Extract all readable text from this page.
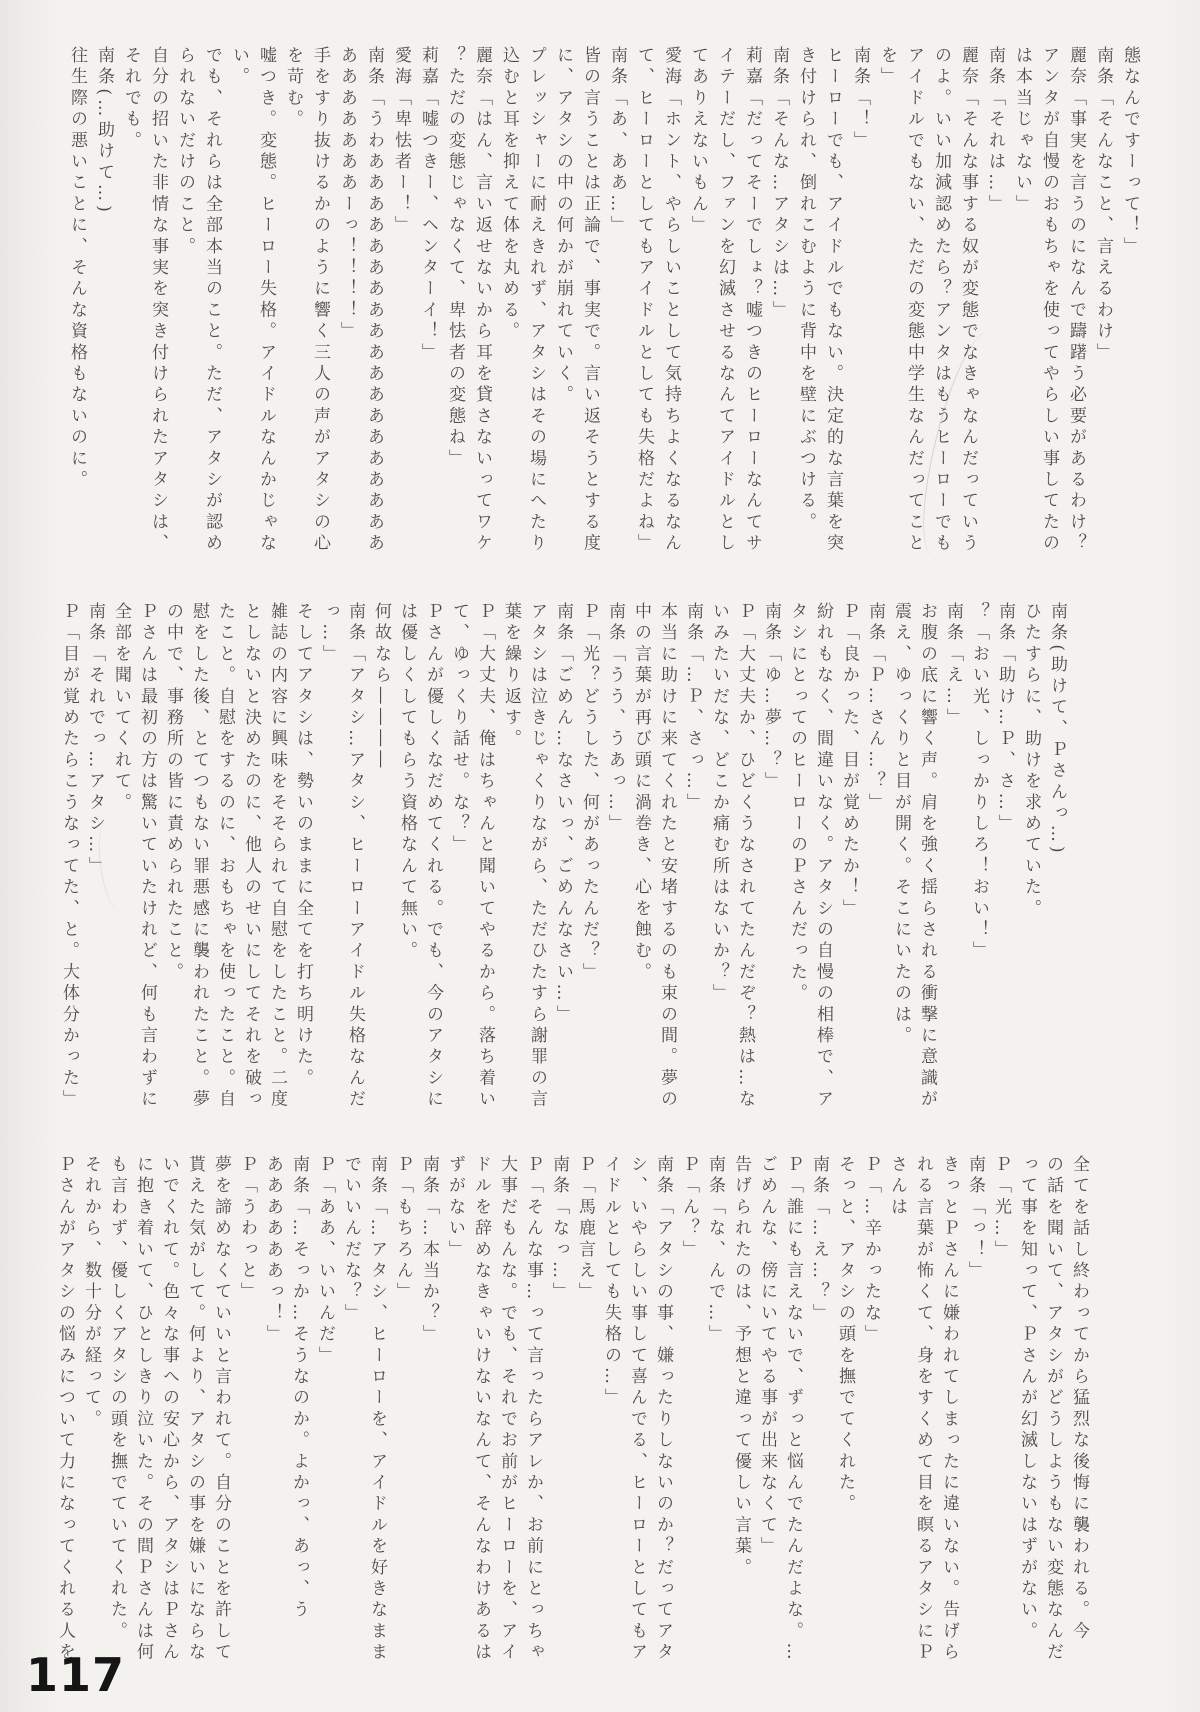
態なんですーって！」

南条「そんなこと、言えるわけ」

麗奈「事実を言うのになんで躊躇う必要があるわけ？

アンタが自慢のおもちゃを使ってやらしい事してたの

は本当じゃない」

南条「それは…」

麗奈「そんな事する奴が変態でなきゃなんだっていう

のよ。いい加減認めたら？アンタはもうヒーローでも

アイドルでもない、ただの変態中学生なんだってこと

を」

南条「！」

ヒーローでも、アイドルでもない。決定的な言葉を突

き付けられ、倒れこむように背中を壁にぶつける。

南条「そんな…アタシは…」

莉嘉「だってそーでしょ？嘘つきのヒーローなんてサ

イテーだし、ファンを幻滅させるなんてアイドルとし

てありえないもん」

愛海「ホント、やらしいことして気持ちよくなるなん

て、ヒーローとしてもアイドルとしても失格だよね」

南条「あ、ああ…」

皆の言うことは正論で、事実で。言い返そうとする度

に、アタシの中の何かが崩れていく。

プレッシャーに耐えきれず、アタシはその場にへたり

込むと耳を抑えて体を丸める。

麗奈「はん、言い返せないから耳を貸さないってワケ

？ただの変態じゃなくて、卑怯者の変態ね」

莉嘉「嘘つきー、ヘンターイ！」

愛海「卑怯者ー！」

南条「うわあああああああああああああああああああ

あああああああーっ！！！！」

手をすり抜けるかのように響く三人の声がアタシの心

を苛む。

嘘つき。変態。ヒーロー失格。アイドルなんかじゃな

い。

でも、それらは全部本当のこと。ただ、アタシが認め

られないだけのこと。

自分の招いた非情な事実を突き付けられたアタシは、

それでも。

南条(…助けて…)

往生際の悪いことに、そんな資格もないのに。

南条(助けて、Ｐさんっ…)

ひたすらに、助けを求めていた。

南条「助け…Ｐ、さ…」

？「おい光、しっかりしろ！おい！」

南条「え…」

お腹の底に響く声。肩を強く揺らされる衝撃に意識が

震え、ゆっくりと目が開く。そこにいたのは。

南条「Ｐ…さん…？」

Ｐ「良かった、目が覚めたか！」

紛れもなく、間違いなく。アタシの自慢の相棒で、ア

タシにとってのヒーローのＰさんだった。

南条「ゆ…夢…？」

Ｐ「大丈夫か、ひどくうなされてたんだぞ？熱は…な

いみたいだな、どこか痛む所はないか？」

南条「…Ｐ、さっ…」

本当に助けに来てくれたと安堵するのも束の間。夢の

中の言葉が再び頭に渦巻き、心を蝕む。

南条「うう、うあっ…」

Ｐ「光？どうした、何があったんだ？」

南条「ごめん…なさいっ、ごめんなさい…」

アタシは泣きじゃくりながら、ただひたすら謝罪の言

葉を繰り返す。

Ｐ「大丈夫、俺はちゃんと聞いてやるから。落ち着い

て、ゆっくり話せ。な？」

Ｐさんが優しくなだめてくれる。でも、今のアタシに

は優しくしてもらう資格なんて無い。

何故なら――――

南条「アタシ…アタシ、ヒーローアイドル失格なんだ

っ…」

そしてアタシは、勢いのままに全てを打ち明けた。

雑誌の内容に興味をそそられて自慰をしたこと。二度

としないと決めたのに、他人のせいにしてそれを破っ

たこと。自慰をするのに、おもちゃを使ったこと。自

慰をした後、とてつもない罪悪感に襲われたこと。夢

の中で、事務所の皆に責められたこと。

Ｐさんは最初の方は驚いていたけれど、何も言わずに

全部を聞いてくれて。

南条「それでっ…アタシ…」

Ｐ「目が覚めたらこうなってた、と。大体分かった」

全てを話し終わってから猛烈な後悔に襲われる。今

の話を聞いて、アタシがどうしようもない変態なんだ

って事を知って、Ｐさんが幻滅しないはずがない。

Ｐ「光…」

南条「っ！」

きっとＰさんに嫌われてしまったに違いない。告げら

れる言葉が怖くて、身をすくめて目を瞑るアタシにＰ

さんは

Ｐ「…辛かったな」

そっと、アタシの頭を撫でてくれた。

南条「…え…？」

Ｐ「誰にも言えないで、ずっと悩んでたんだよな。…

ごめんな、傍にいてやる事が出来なくて」

告げられたのは、予想と違って優しい言葉。

南条「な、んで…」

Ｐ「ん？」

南条「アタシの事、嫌ったりしないのか？だってアタ

シ、いやらしい事して喜んでる、ヒーローとしてもア

イドルとしても失格の…」

Ｐ「馬鹿言え」

南条「なっ…」

Ｐ「そんな事…って言ったらアレか、お前にとっちゃ

大事だもんな。でも、それでお前がヒーローを、アイ

ドルを辞めなきゃいけないなんて、そんなわけあるは

ずがない」

南条「…本当か？」

Ｐ「もちろん」

南条「…アタシ、ヒーローを、アイドルを好きなまま

でいいんだな？」

Ｐ「ああ、いいんだ」

南条「…そっか…そうなのか。よかっ、あっ、う

ああああああっ！」

Ｐ「うわっと」

夢を諦めなくていいと言われて。自分のことを許して

貰えた気がして。何より、アタシの事を嫌いにならな

いでくれて。色々な事への安心から、アタシはＰさん

に抱き着いて、ひとしきり泣いた。その間Ｐさんは何

も言わず、優しくアタシの頭を撫でていてくれた。

それから、数十分が経って。

Ｐさんがアタシの悩みについて力になってくれる人を

117
